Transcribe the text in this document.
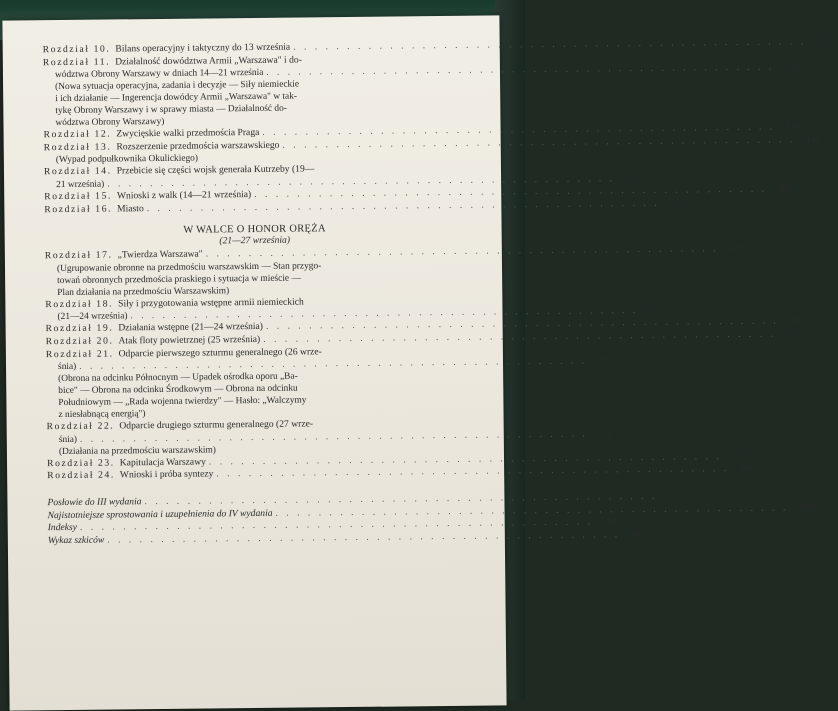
Rozdział 10. Bilans operacyjny i taktyczny do 13 września . . . . . . . . . . . . . . . . . . . . . . . . . . . . . . . . . . . . . . . . . . . . . . . .	119
Rozdział 11. Działalność dowództwa Armii „Warszawa" i do-
wództwa Obrony Warszawy w dniach 14—21 września . . . . . . . . . . . . . . . . . . . . . . . . . . . . . . . . . . . . . . . . . . . . . . . .	123
(Nowa sytuacja operacyjna, zadania i decyzje — Siły niemieckie
i ich działanie — Ingerencja dowódcy Armii „Warszawa" w tak-
tykę Obrony Warszawy i w sprawy miasta — Działalność do-
wództwa Obrony Warszawy)
Rozdział 12. Zwycięskie walki przedmościa Praga . . . . . . . . . . . . . . . . . . . . . . . . . . . . . . . . . . . . . . . . . . . . . . . .	135
Rozdział 13. Rozszerzenie przedmościa warszawskiego . . . . . . . . . . . . . . . . . . . . . . . . . . . . . . . . . . . . . . . . . . . . . . . .	145
(Wypad podpułkownika Okulickiego)
Rozdział 14. Przebicie się części wojsk generała Kutrzeby (19—
21 września) . . . . . . . . . . . . . . . . . . . . . . . . . . . . . . . . . . . . . . . . . . . . . . . .	161
Rozdział 15. Wnioski z walk (14—21 września) . . . . . . . . . . . . . . . . . . . . . . . . . . . . . . . . . . . . . . . . . . . . . . . .	167
Rozdział 16. Miasto . . . . . . . . . . . . . . . . . . . . . . . . . . . . . . . . . . . . . . . . . . . . . . . .	171
W WALCE O HONOR ORĘŻA
(21—27 września)
Rozdział 17. „Twierdza Warszawa" . . . . . . . . . . . . . . . . . . . . . . . . . . . . . . . . . . . . . . . . . . . . . . . .	189
(Ugrupowanie obronne na przedmościu warszawskim — Stan przygo-
towań obronnych przedmościa praskiego i sytuacja w mieście —
Plan działania na przedmościu Warszawskim)
Rozdział 18. Siły i przygotowania wstępne armii niemieckich
(21—24 września) . . . . . . . . . . . . . . . . . . . . . . . . . . . . . . . . . . . . . . . . . . . . . . . .	202
Rozdział 19. Działania wstępne (21—24 września) . . . . . . . . . . . . . . . . . . . . . . . . . . . . . . . . . . . . . . . . . . . . . . . .	207
Rozdział 20. Atak floty powietrznej (25 września) . . . . . . . . . . . . . . . . . . . . . . . . . . . . . . . . . . . . . . . . . . . . . . . .	215
Rozdział 21. Odparcie pierwszego szturmu generalnego (26 wrze-
śnia) . . . . . . . . . . . . . . . . . . . . . . . . . . . . . . . . . . . . . . . . . . . . . . . .	224
(Obrona na odcinku Północnym — Upadek ośrodka oporu „Ba-
bice" — Obrona na odcinku Środkowym — Obrona na odcinku
Południowym — „Rada wojenna twierdzy" — Hasło: „Walczymy
z niesłabnącą energią")
Rozdział 22. Odparcie drugiego szturmu generalnego (27 wrze-
śnia) . . . . . . . . . . . . . . . . . . . . . . . . . . . . . . . . . . . . . . . . . . . . . . . .	236
(Działania na przedmościu warszawskim)
Rozdział 23. Kapitulacja Warszawy . . . . . . . . . . . . . . . . . . . . . . . . . . . . . . . . . . . . . . . . . . . . . . . .	241
Rozdział 24. Wnioski i próba syntezy . . . . . . . . . . . . . . . . . . . . . . . . . . . . . . . . . . . . . . . . . . . . . . . .	246
Posłowie do III wydania . . . . . . . . . . . . . . . . . . . . . . . . . . . . . . . . . . . . . . . . . . . . . . . .	257
Najistotniejsze sprostowania i uzupełnienia do IV wydania . . . . . . . . . . . . . . . . . . . . . . . . . . . . . . . . . . . . . . . . . . . . . . . .	278
Indeksy . . . . . . . . . . . . . . . . . . . . . . . . . . . . . . . . . . . . . . . . . . . . . . . .	281
Wykaz szkiców . . . . . . . . . . . . . . . . . . . . . . . . . . . . . . . . . . . . . . . . . . . . . . . .	302
